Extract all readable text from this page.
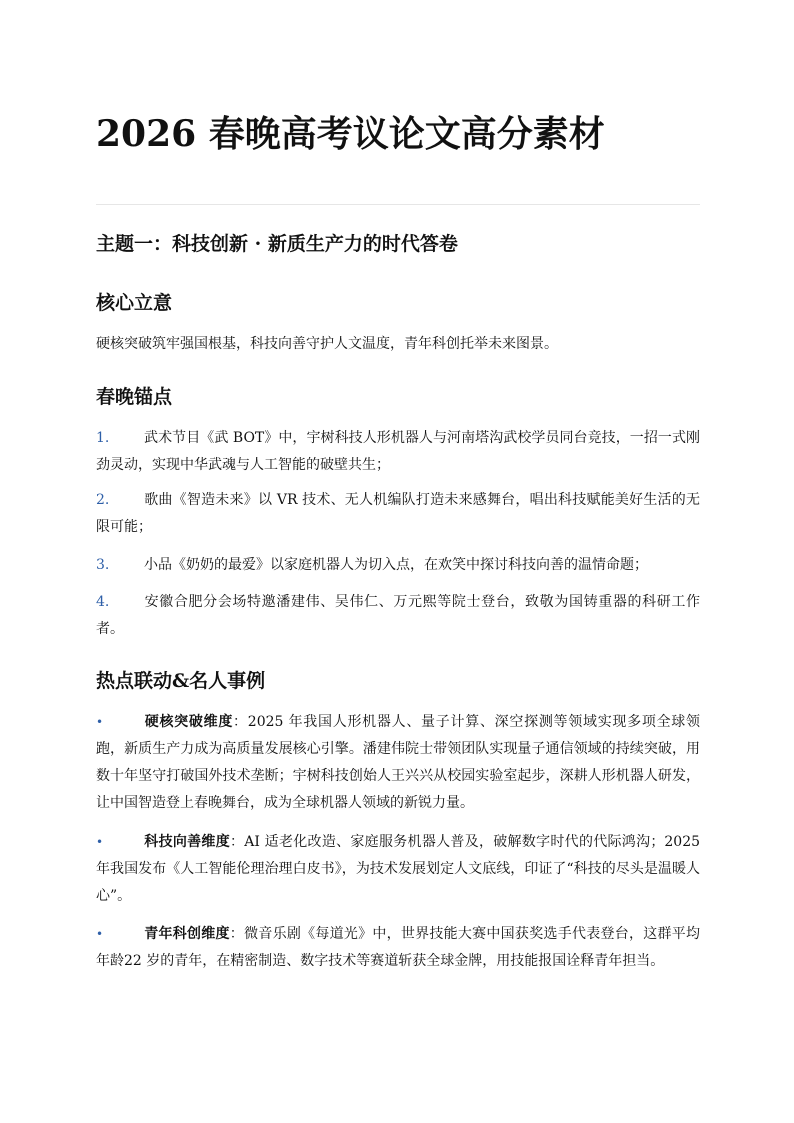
2026 春晚高考议论文高分素材
主题一：科技创新 · 新质生产力的时代答卷
核心立意

硬核突破筑牢强国根基，科技向善守护人文温度，青年科创托举未来图景。

春晚锚点

1. 武术节目《武 BOT》中，宇树科技人形机器人与河南塔沟武校学员同台竞技，一招一式刚劲灵动，实现中华武魂与人工智能的破壁共生；

2. 歌曲《智造未来》以 VR 技术、无人机编队打造未来感舞台，唱出科技赋能美好生活的无限可能；

3. 小品《奶奶的最爱》以家庭机器人为切入点，在欢笑中探讨科技向善的温情命题；

4. 安徽合肥分会场特邀潘建伟、吴伟仁、万元熙等院士登台，致敬为国铸重器的科研工作者。

热点联动&名人事例

•	硬核突破维度：2025 年我国人形机器人、量子计算、深空探测等领域实现多项全球领跑，新质生产力成为高质量发展核心引擎。潘建伟院士带领团队实现量子通信领域的持续突破，用数十年坚守打破国外技术垄断；宇树科技创始人王兴兴从校园实验室起步，深耕人形机器人研发，让中国智造登上春晚舞台，成为全球机器人领域的新锐力量。

•	科技向善维度：AI 适老化改造、家庭服务机器人普及，破解数字时代的代际鸿沟；2025 年我国发布《人工智能伦理治理白皮书》，为技术发展划定人文底线，印证了“科技的尽头是温暖人心”。

•	青年科创维度：微音乐剧《每道光》中，世界技能大赛中国获奖选手代表登台，这群平均年龄22 岁的青年，在精密制造、数字技术等赛道斩获全球金牌，用技能报国诠释青年担当。
